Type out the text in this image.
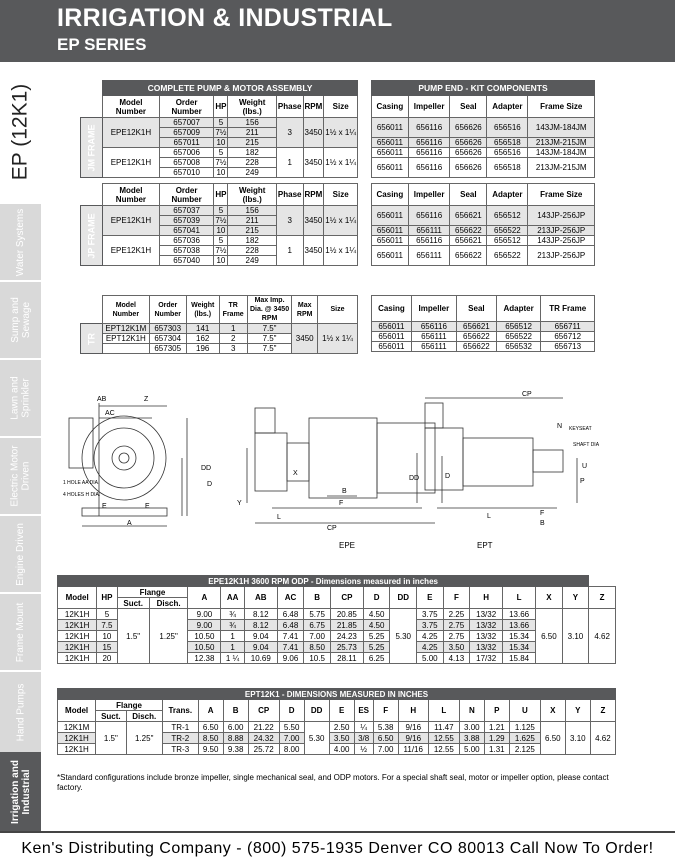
IRRIGATION & INDUSTRIAL
EP SERIES
EP (12K1)
Water Systems
Sump and
Sewage
Lawn and
Sprinkler
Electric Motor
Driven
Engine Driven
Frame Mount
Hand Pumps
Irrigation and
Industrial
	COMPLETE PUMP & MOTOR ASSEMBLY						
	Model Number	Order Number	HP	Weight (lbs.)	Phase	RPM	Size

JM FRAME	EPE12K1H	657007	5	156	3	3450	1½ x 1¼
		657009	7½	211			
		657011	10	215			
	EPE12K1H	657006	5	182	1	3450	1½ x 1¼
		657008	7½	228			
		657010	10	249			

	Model Number	Order Number	HP	Weight (lbs.)	Phase	RPM	Size

JP FRAME	EPE12K1H	657037	5	156	3	3450	1½ x 1¼
		657039	7½	211			
		657041	10	215			
	EPE12K1H	657036	5	182	1	3450	1½ x 1¼
		657038	7½	228			
		657040	10	249			
PUMP END - KIT COMPONENTS				
Casing	Impeller	Seal	Adapter	Frame Size
656011	656116	656626	656516	143JM-184JM
656011	656116	656626	656518	213JM-215JM
656011	656116	656626	656516	143JM-184JM
656011	656116	656626	656518	213JM-215JM

Casing	Impeller	Seal	Adapter	Frame Size
656011	656116	656621	656512	143JP-256JP
656011	656111	656622	656522	213JP-256JP
656011	656116	656621	656512	143JP-256JP
656011	656111	656622	656522	213JP-256JP
	Model Number	Order Number	Weight (lbs.)	TR Frame	Max Imp. Dia. @ 3450 RPM	Max RPM	Size

TR	EPT12K1M	657303	141	1	7.5"	3450	1½ x 1¼
	EPT12K1H	657304	162	2	7.5"		
		657305	196	3	7.5"		
Casing	Impeller	Seal	Adapter	TR Frame
656011	656116	656621	656512	656711
656011	656111	656622	656522	656712
656011	656111	656622	656532	656713
AB	Z
AC
A
E	E
1 HOLE AA DIA.
4 HOLES H DIA.
Y
L
CP
B
F
D
DD
X
D
EPE
CP
KEYSEAT
SHAFT DIA
N
U
DD	P
L
B
F
EPT
EPE12K1H 3600 RPM ODP - Dimensions measured in inches																		
Model	HP	Flange		A	AA	AB	AC	B	CP	D	DD	E	F	H	L	X	Y	Z
		Suct.	Disch.															
12K1H	5	1.5"	1.25"	9.00	¾	8.12	6.48	5.75	20.85	4.50	5.30	3.75	2.25	13/32	13.66	6.50	3.10	4.62
12K1H	7.5			9.00	¾	8.12	6.48	6.75	21.85	4.50		3.75	2.75	13/32	13.66			
12K1H	10			10.50	1	9.04	7.41	7.00	24.23	5.25		4.25	2.75	13/32	15.34			
12K1H	15			10.50	1	9.04	7.41	8.50	25.73	5.25		4.25	3.50	13/32	15.34			
12K1H	20			12.38	1 ¼	10.69	9.06	10.5	28.11	6.25		5.00	4.13	17/32	15.84			
EPT12K1 - DIMENSIONS MEASURED IN INCHES																			
Model	Flange		Trans.	A	B	CP	D	DD	E	ES	F	H	L	N	P	U	X	Y	Z
	Suct.	Disch.																	
12K1M	1.5"	1.25"	TR-1	6.50	6.00	21.22	5.50	5.30	2.50	¼	5.38	9/16	11.47	3.00	1.21	1.125	6.50	3.10	4.62
12K1H			TR-2	8.50	8.88	24.32	7.00		3.50	3/8	6.50	9/16	12.55	3.88	1.29	1.625			
12K1H			TR-3	9.50	9.38	25.72	8.00		4.00	½	7.00	11/16	12.55	5.00	1.31	2.125			
*Standard configurations include bronze impeller, single mechanical seal, and ODP motors. For a special shaft seal, motor or impeller option, please contact factory.
Ken's Distributing Company - (800) 575-1935 Denver CO 80013 Call Now To Order!
